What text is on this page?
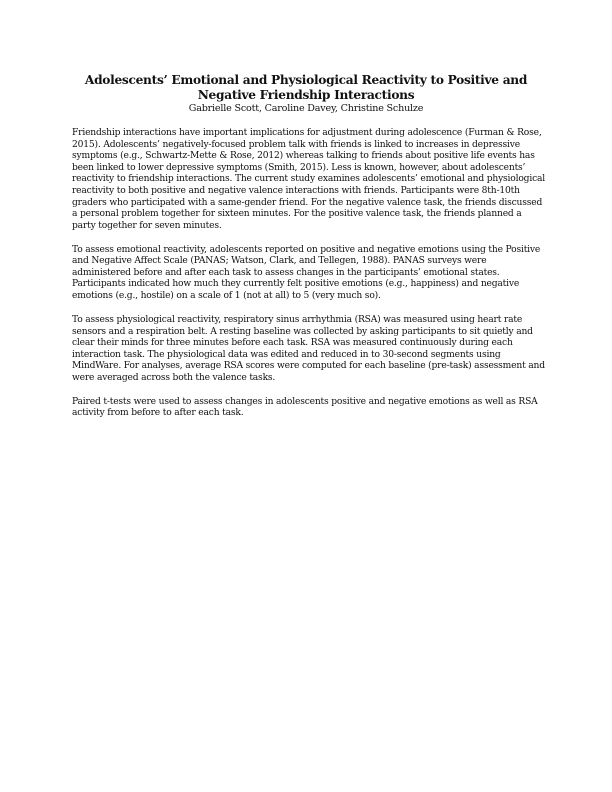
Adolescents’ Emotional and Physiological Reactivity to Positive and
Negative Friendship Interactions
Gabrielle Scott, Caroline Davey, Christine Schulze

Friendship interactions have important implications for adjustment during adolescence (Furman & Rose, 2015). Adolescents’ negatively-focused problem talk with friends is linked to increases in depressive symptoms (e.g., Schwartz-Mette & Rose, 2012) whereas talking to friends about positive life events has been linked to lower depressive symptoms (Smith, 2015). Less is known, however, about adolescents’ reactivity to friendship interactions. The current study examines adolescents’ emotional and physiological reactivity to both positive and negative valence interactions with friends. Participants were 8th-10th graders who participated with a same-gender friend. For the negative valence task, the friends discussed a personal problem together for sixteen minutes. For the positive valence task, the friends planned a party together for seven minutes.

To assess emotional reactivity, adolescents reported on positive and negative emotions using the Positive and Negative Affect Scale (PANAS; Watson, Clark, and Tellegen, 1988). PANAS surveys were administered before and after each task to assess changes in the participants’ emotional states. Participants indicated how much they currently felt positive emotions (e.g., happiness) and negative emotions (e.g., hostile) on a scale of 1 (not at all) to 5 (very much so).

To assess physiological reactivity, respiratory sinus arrhythmia (RSA) was measured using heart rate sensors and a respiration belt. A resting baseline was collected by asking participants to sit quietly and clear their minds for three minutes before each task. RSA was measured continuously during each interaction task. The physiological data was edited and reduced in to 30-second segments using MindWare. For analyses, average RSA scores were computed for each baseline (pre-task) assessment and were averaged across both the valence tasks.

Paired t-tests were used to assess changes in adolescents positive and negative emotions as well as RSA activity from before to after each task.
